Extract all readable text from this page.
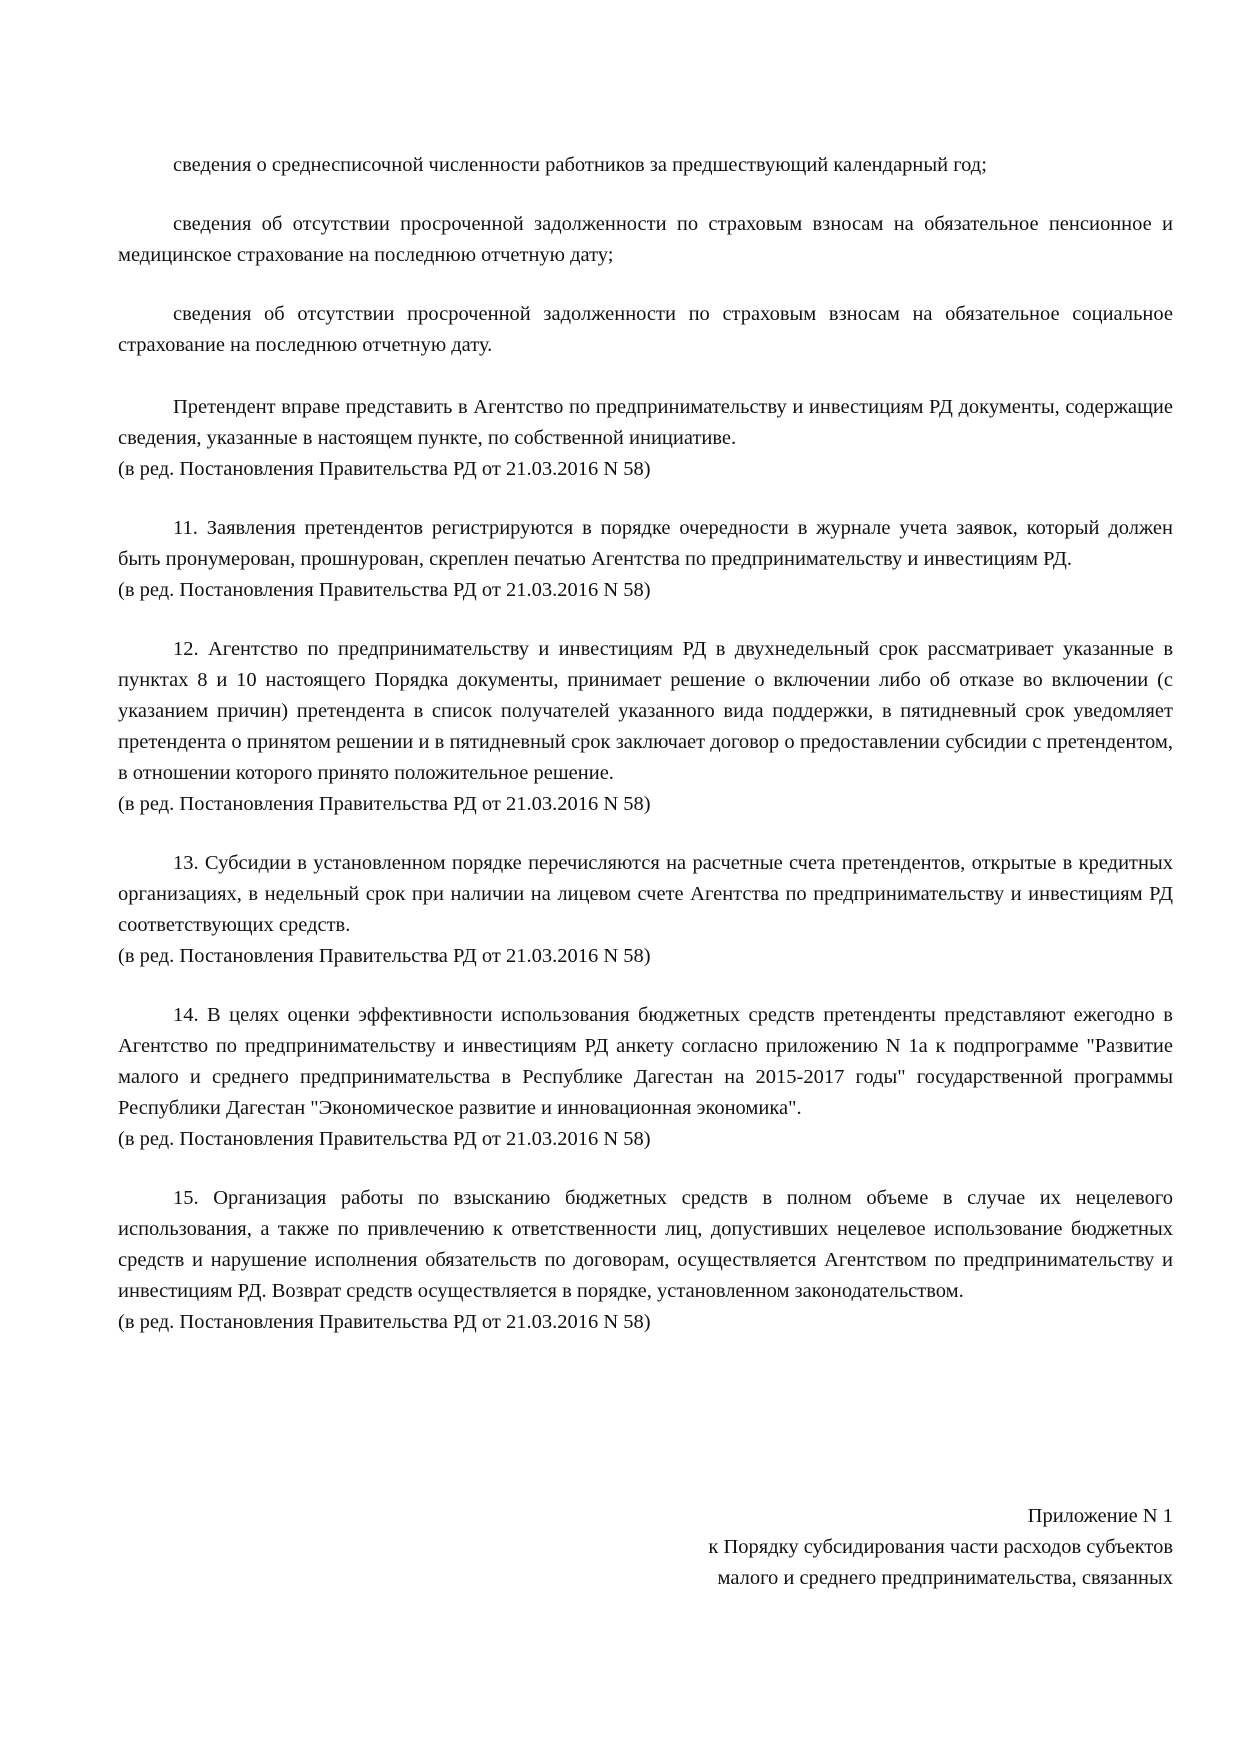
сведения о среднесписочной численности работников за предшествующий календарный год;

сведения об отсутствии просроченной задолженности по страховым взносам на обязательное пенсионное и медицинское страхование на последнюю отчетную дату;

сведения об отсутствии просроченной задолженности по страховым взносам на обязательное социальное страхование на последнюю отчетную дату.

Претендент вправе представить в Агентство по предпринимательству и инвестициям РД документы, содержащие сведения, указанные в настоящем пункте, по собственной инициативе.
(в ред. Постановления Правительства РД от 21.03.2016 N 58)

11. Заявления претендентов регистрируются в порядке очередности в журнале учета заявок, который должен быть пронумерован, прошнурован, скреплен печатью Агентства по предпринимательству и инвестициям РД.
(в ред. Постановления Правительства РД от 21.03.2016 N 58)

12. Агентство по предпринимательству и инвестициям РД в двухнедельный срок рассматривает указанные в пунктах 8 и 10 настоящего Порядка документы, принимает решение о включении либо об отказе во включении (с указанием причин) претендента в список получателей указанного вида поддержки, в пятидневный срок уведомляет претендента о принятом решении и в пятидневный срок заключает договор о предоставлении субсидии с претендентом, в отношении которого принято положительное решение.
(в ред. Постановления Правительства РД от 21.03.2016 N 58)

13. Субсидии в установленном порядке перечисляются на расчетные счета претендентов, открытые в кредитных организациях, в недельный срок при наличии на лицевом счете Агентства по предпринимательству и инвестициям РД соответствующих средств.
(в ред. Постановления Правительства РД от 21.03.2016 N 58)

14. В целях оценки эффективности использования бюджетных средств претенденты представляют ежегодно в Агентство по предпринимательству и инвестициям РД анкету согласно приложению N 1а к подпрограмме "Развитие малого и среднего предпринимательства в Республике Дагестан на 2015-2017 годы" государственной программы Республики Дагестан "Экономическое развитие и инновационная экономика".
(в ред. Постановления Правительства РД от 21.03.2016 N 58)

15. Организация работы по взысканию бюджетных средств в полном объеме в случае их нецелевого использования, а также по привлечению к ответственности лиц, допустивших нецелевое использование бюджетных средств и нарушение исполнения обязательств по договорам, осуществляется Агентством по предпринимательству и инвестициям РД. Возврат средств осуществляется в порядке, установленном законодательством.
(в ред. Постановления Правительства РД от 21.03.2016 N 58)

Приложение N 1
к Порядку субсидирования части расходов субъектов
малого и среднего предпринимательства, связанных
